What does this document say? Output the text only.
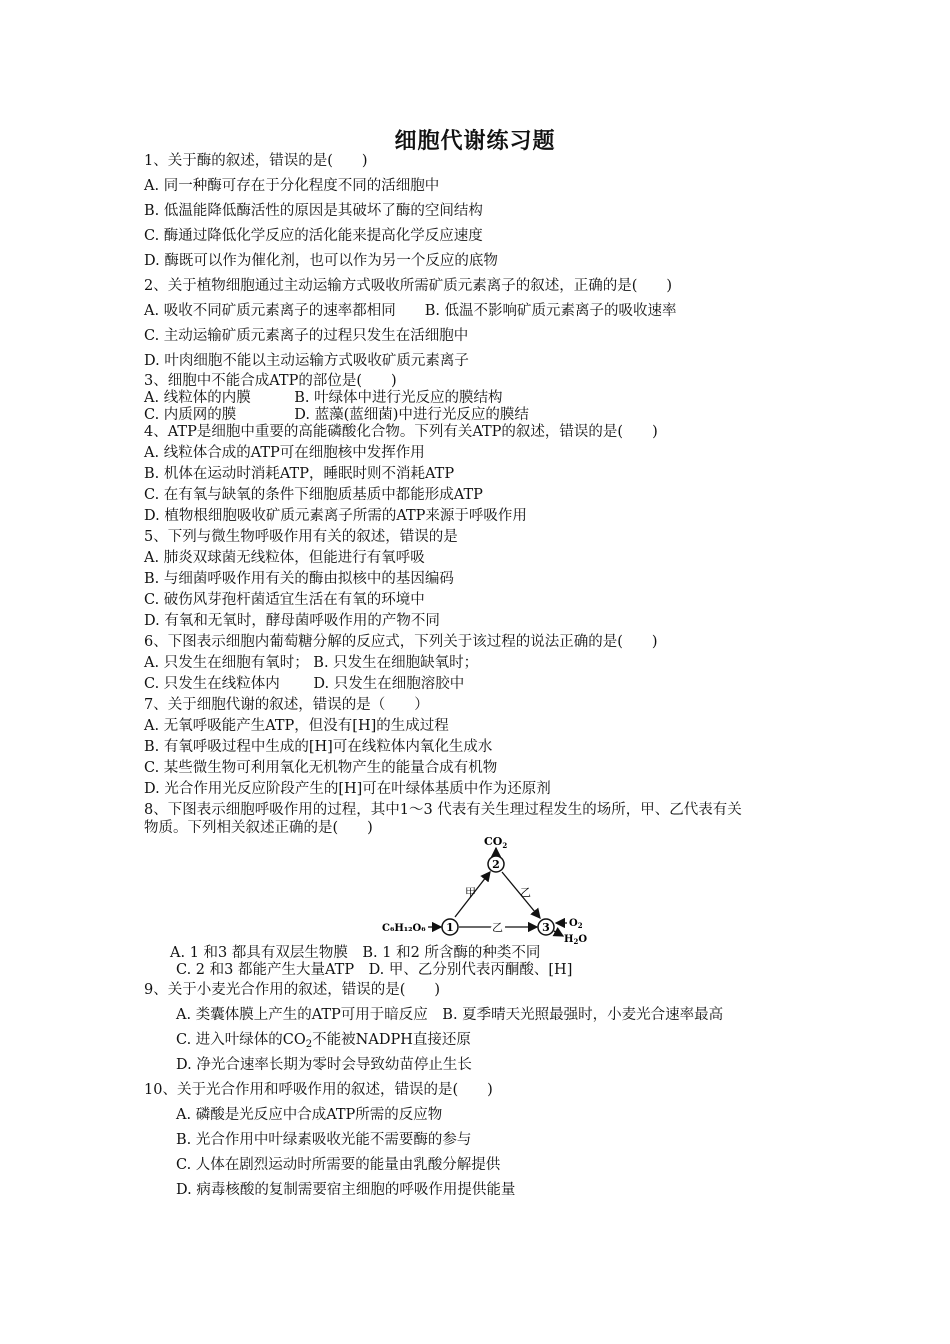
细胞代谢练习题
1、关于酶的叙述，错误的是(　　)
A. 同一种酶可存在于分化程度不同的活细胞中
B. 低温能降低酶活性的原因是其破坏了酶的空间结构
C. 酶通过降低化学反应的活化能来提高化学反应速度
D. 酶既可以作为催化剂，也可以作为另一个反应的底物
2、关于植物细胞通过主动运输方式吸收所需矿质元素离子的叙述，正确的是(　　)
A. 吸收不同矿质元素离子的速率都相同　　B. 低温不影响矿质元素离子的吸收速率
C. 主动运输矿质元素离子的过程只发生在活细胞中
D. 叶肉细胞不能以主动运输方式吸收矿质元素离子
3、细胞中不能合成ATP的部位是(　　)
A. 线粒体的内膜　　　B. 叶绿体中进行光反应的膜结构
C. 内质网的膜　　　　D. 蓝藻(蓝细菌)中进行光反应的膜结
4、ATP是细胞中重要的高能磷酸化合物。下列有关ATP的叙述，错误的是(　　)
A. 线粒体合成的ATP可在细胞核中发挥作用
B. 机体在运动时消耗ATP，睡眠时则不消耗ATP
C. 在有氧与缺氧的条件下细胞质基质中都能形成ATP
D. 植物根细胞吸收矿质元素离子所需的ATP来源于呼吸作用
5、下列与微生物呼吸作用有关的叙述，错误的是
A. 肺炎双球菌无线粒体，但能进行有氧呼吸
B. 与细菌呼吸作用有关的酶由拟核中的基因编码
C. 破伤风芽孢杆菌适宜生活在有氧的环境中
D. 有氧和无氧时，酵母菌呼吸作用的产物不同
6、下图表示细胞内葡萄糖分解的反应式，下列关于该过程的说法正确的是(　　)
A. 只发生在细胞有氧时； B. 只发生在细胞缺氧时；
C. 只发生在线粒体内　　 D. 只发生在细胞溶胶中
7、关于细胞代谢的叙述，错误的是（　　）
A. 无氧呼吸能产生ATP，但没有[H]的生成过程
B. 有氧呼吸过程中生成的[H]可在线粒体内氧化生成水
C. 某些微生物可利用氧化无机物产生的能量合成有机物
D. 光合作用光反应阶段产生的[H]可在叶绿体基质中作为还原剂
8、下图表示细胞呼吸作用的过程，其中1～3 代表有关生理过程发生的场所，甲、乙代表有关
物质。下列相关叙述正确的是(　　)
$CO_2$
2
甲	乙
C₆H₁₂O₆ 1	乙	3 $O_2$
$H_2O$
A. 1 和3 都具有双层生物膜　B. 1 和2 所含酶的种类不同
C. 2 和3 都能产生大量ATP　D. 甲、乙分别代表丙酮酸、[H]
9、关于小麦光合作用的叙述，错误的是(　　)
A. 类囊体膜上产生的ATP可用于暗反应　B. 夏季晴天光照最强时，小麦光合速率最高
C. 进入叶绿体的$CO_2$不能被NADPH直接还原
D. 净光合速率长期为零时会导致幼苗停止生长
10、关于光合作用和呼吸作用的叙述，错误的是(　　)
A. 磷酸是光反应中合成ATP所需的反应物
B. 光合作用中叶绿素吸收光能不需要酶的参与
C. 人体在剧烈运动时所需要的能量由乳酸分解提供
D. 病毒核酸的复制需要宿主细胞的呼吸作用提供能量
